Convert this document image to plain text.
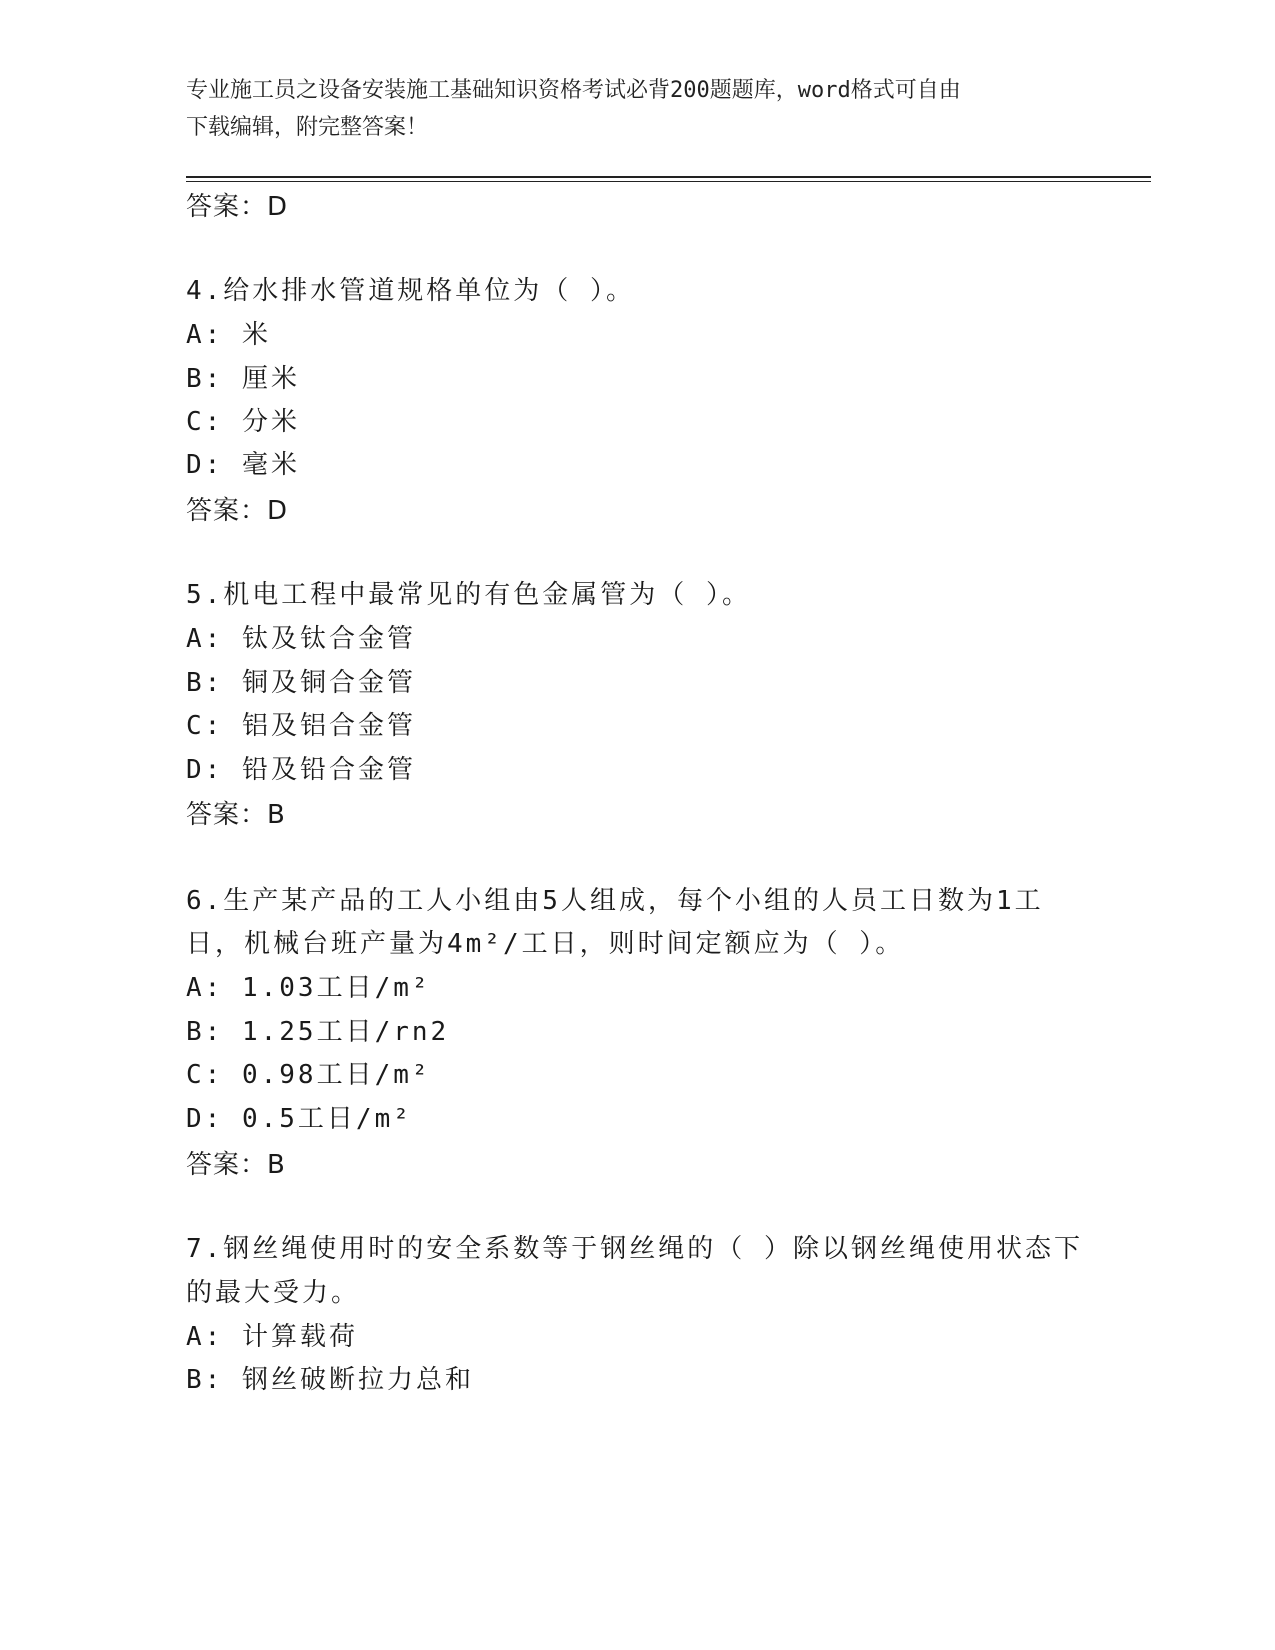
专业施工员之设备安装施工基础知识资格考试必背200题题库，word格式可自由
下载编辑，附完整答案！
答案：D
4.给水排水管道规格单位为（ ）。
A: 米
B: 厘米
C: 分米
D: 毫米
答案：D
5.机电工程中最常见的有色金属管为（ ）。
A: 钛及钛合金管
B: 铜及铜合金管
C: 铝及铝合金管
D: 铅及铅合金管
答案：B
6.生产某产品的工人小组由5人组成，每个小组的人员工日数为1工
日，机械台班产量为4m²/工日，则时间定额应为（ ）。
A: 1.03工日/m²
B: 1.25工日/rn2
C: 0.98工日/m²
D: 0.5工日/m²
答案：B
7.钢丝绳使用时的安全系数等于钢丝绳的（ ）除以钢丝绳使用状态下
的最大受力。
A: 计算载荷
B: 钢丝破断拉力总和
